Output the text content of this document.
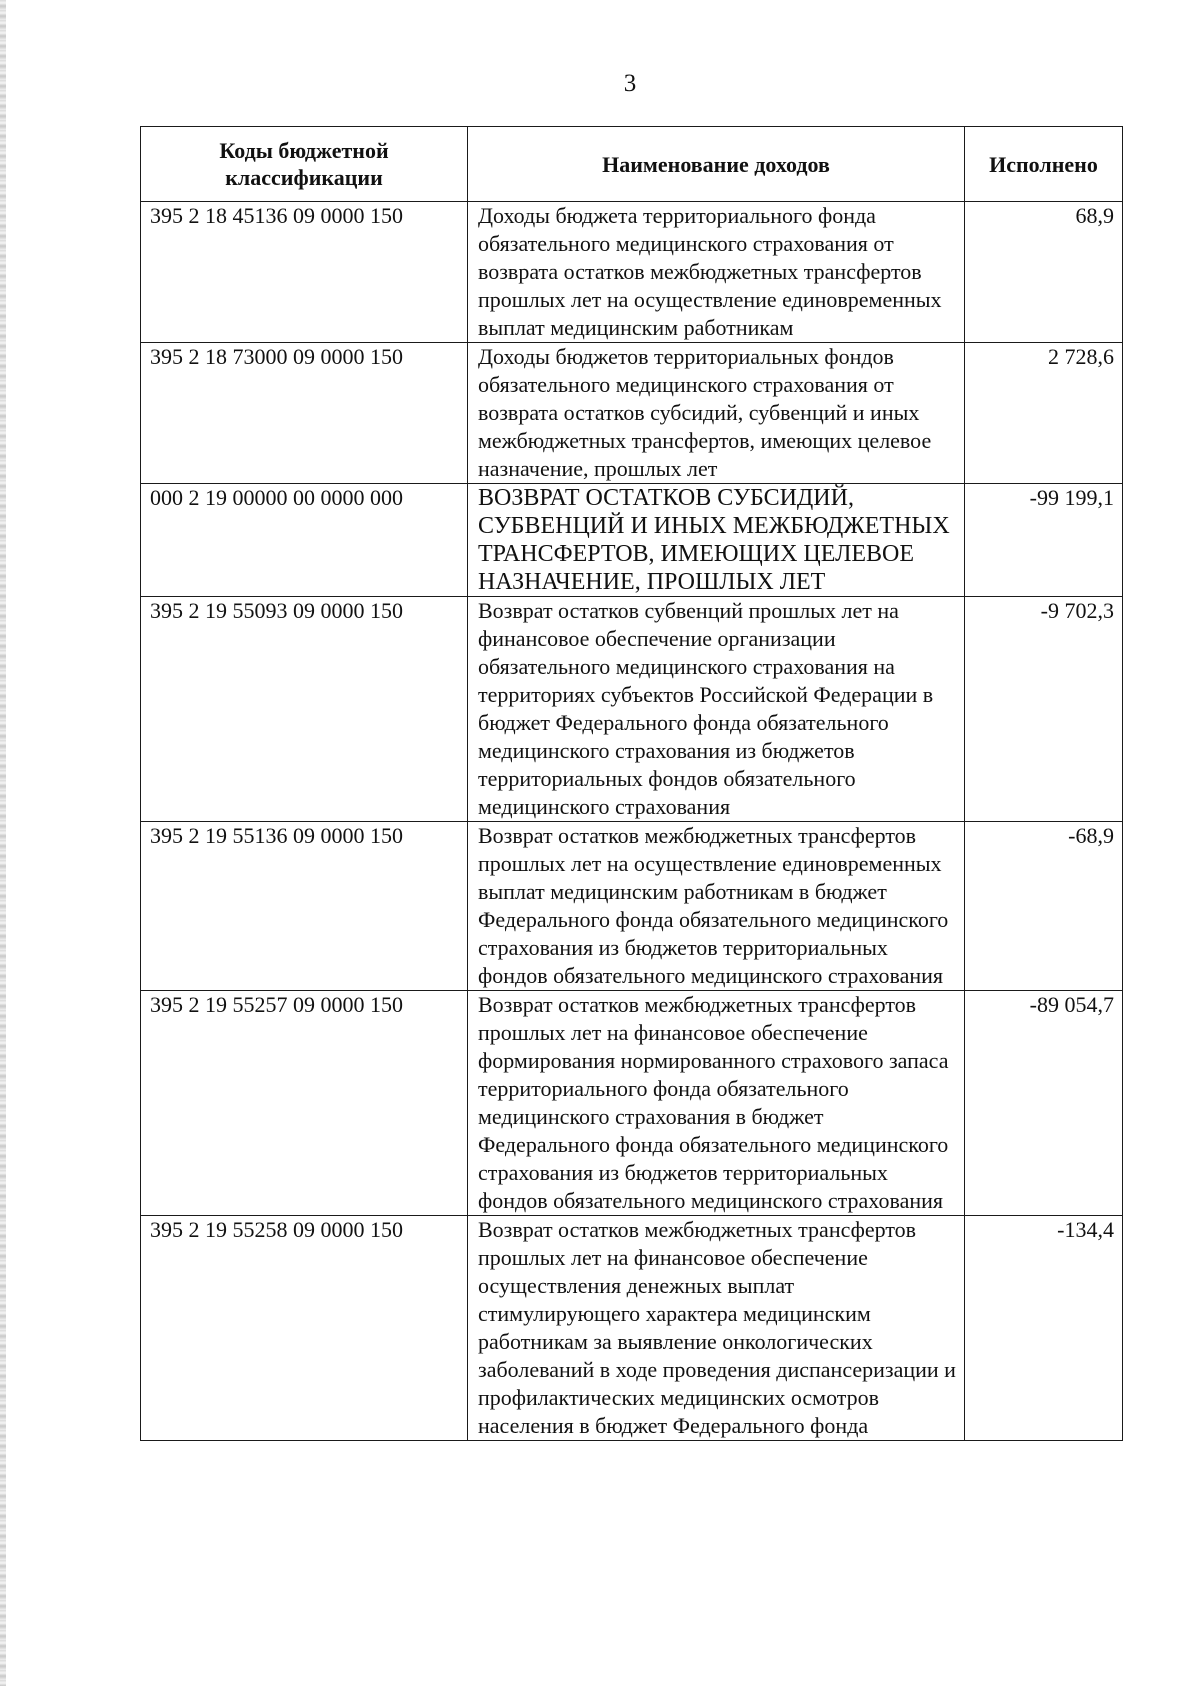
3
Коды бюджетной классификации	Наименование доходов	Исполнено
395 2 18 45136 09 0000 150	Доходы бюджета территориального фонда обязательного медицинского страхования от возврата остатков межбюджетных трансфертов прошлых лет на осуществление единовременных выплат медицинским работникам	68,9
395 2 18 73000 09 0000 150	Доходы бюджетов территориальных фондов обязательного медицинского страхования от возврата остатков субсидий, субвенций и иных межбюджетных трансфертов, имеющих целевое назначение, прошлых лет	2 728,6
000 2 19 00000 00 0000 000	ВОЗВРАТ ОСТАТКОВ СУБСИДИЙ, СУБВЕНЦИЙ И ИНЫХ МЕЖБЮДЖЕТНЫХ ТРАНСФЕРТОВ, ИМЕЮЩИХ ЦЕЛЕВОЕ НАЗНАЧЕНИЕ, ПРОШЛЫХ ЛЕТ	-99 199,1
395 2 19 55093 09 0000 150	Возврат остатков субвенций прошлых лет на финансовое обеспечение организации обязательного медицинского страхования на территориях субъектов Российской Федерации в бюджет Федерального фонда обязательного медицинского страхования из бюджетов территориальных фондов обязательного медицинского страхования	-9 702,3
395 2 19 55136 09 0000 150	Возврат остатков межбюджетных трансфертов прошлых лет на осуществление единовременных выплат медицинским работникам в бюджет Федерального фонда обязательного медицинского страхования из бюджетов территориальных фондов обязательного медицинского страхования	-68,9
395 2 19 55257 09 0000 150	Возврат остатков межбюджетных трансфертов прошлых лет на финансовое обеспечение формирования нормированного страхового запаса территориального фонда обязательного медицинского страхования в бюджет Федерального фонда обязательного медицинского страхования из бюджетов территориальных фондов обязательного медицинского страхования	-89 054,7
395 2 19 55258 09 0000 150	Возврат остатков межбюджетных трансфертов прошлых лет на финансовое обеспечение осуществления денежных выплат стимулирующего характера медицинским работникам за выявление онкологических заболеваний в ходе проведения диспансеризации и профилактических медицинских осмотров населения в бюджет Федерального фонда	-134,4
